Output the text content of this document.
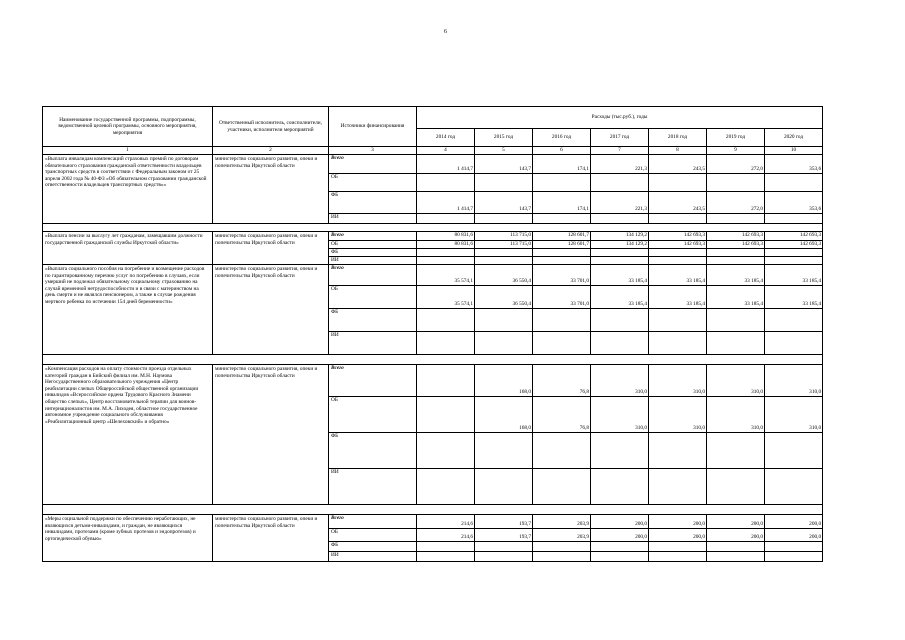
6
Наименование государственной программы, подпрограммы, ведомственной целевой программы, основного мероприятия, мероприятия	Ответственный исполнитель, соисполнители, участники, исполнители мероприятий	Источники финансирования	Расходы (тыс.руб.), годы						
			2014 год	2015 год	2016 год	2017 год	2018 год	2019 год	2020 год
1	2	3	4	5	6	7	8	9	10
«Выплата инвалидам компенсаций страховых премий по договорам обязательного страхования гражданской ответственности владельцев транспортных средств в соответствии с Федеральным законом от 25 апреля 2002 года № 40-ФЗ «Об обязательном страховании гражданской ответственности владельцев транспортных средств»»	министерство социального развития, опеки и попечительства Иркутской области	Всего	1 414,7	143,7	174,1	221,3	243,5	272,0	353,6
		ОБ							
		ФБ	1 414,7	143,7	174,1	221,3	243,5	272,0	353,6
		ИИ							

«Выплата пенсии за выслугу лет гражданам, замещавшим должности государственной гражданской службы Иркутской области»	министерство социального развития, опеки и попечительства Иркутской области	Всего	80 831,6	113 715,0	128 601,7	134 129,2	142 693,3	142 693,3	142 693,3
		ОБ	80 831,6	113 715,0	128 601,7	134 129,2	142 693,3	142 693,3	142 693,3
		ФБ							
		ИИ							
«Выплата социального пособия на погребение и возмещение расходов по гарантированному перечню услуг по погребению в случаях, если умерший не подлежал обязательному социальному страхованию на случай временной нетрудоспособности и в связи с материнством на день смерти и не являлся пенсионером, а также в случае рождения мертвого ребенка по истечении 154 дней беременности»	министерство социального развития, опеки и попечительства Иркутской области	Всего	35 574,1	36 550,4	33 701,0	33 185,4	33 185,4	33 185,4	33 185,4
		ОБ	35 574,1	36 550,4	33 701,0	33 185,4	33 185,4	33 185,4	33 185,4
		ФБ							
		ИИ							

«Компенсация расходов на оплату стоимости проезда отдельных категорий граждан в Бийский филиал им. М.Н. Наумова Негосударственного образовательного учреждения «Центр реабилитации слепых Общероссийской общественной организации инвалидов «Всероссийское ордена Трудового Красного Знамени общество слепых», Центр восстановительной терапии для воинов-интернационалистов им. М.А. Лиходея, областное государственное автономное учреждение социального обслуживания «Реабилитационный центр «Шелеховский» и обратно»	министерство социального развития, опеки и попечительства Иркутской области	Всего		168,0	76,8	310,0	310,0	310,0	310,0
		ОБ		168,0	76,8	310,0	310,0	310,0	310,0
		ФБ							
		ИИ							

«Меры социальной поддержки по обеспечению неработающих, не являющихся детьми-инвалидами, и граждан, не являющихся инвалидами, протезами (кроме зубных протезов и эндопротезов) и ортопедической обувью»	министерство социального развития, опеки и попечительства Иркутской области	Всего	214,6	193,7	203,9	200,0	200,0	200,0	200,0
		ОБ	214,6	193,7	203,9	200,0	200,0	200,0	200,0
		ФБ							
		ИИ							
